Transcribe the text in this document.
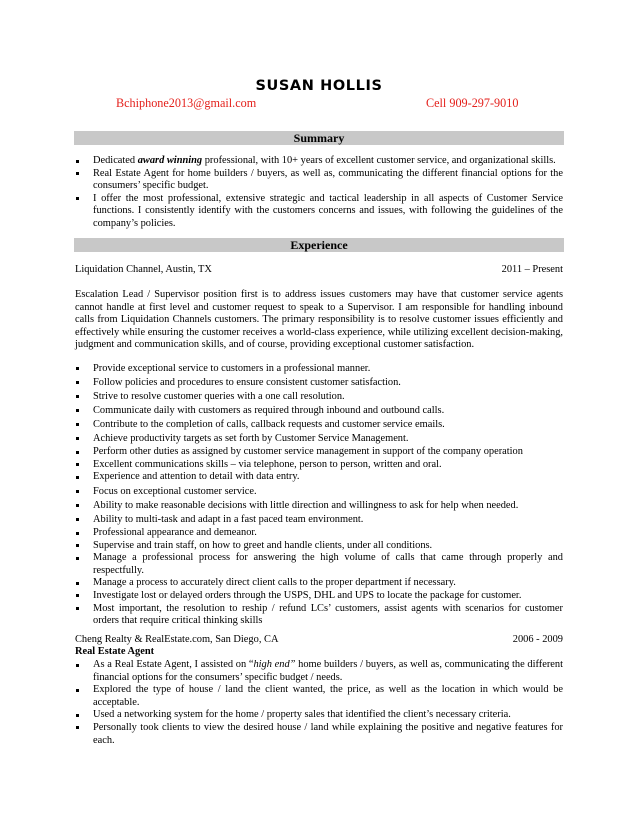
SUSAN HOLLIS
Bchiphone2013@gmail.com	Cell 909-297-9010
Summary
Dedicated award winning professional, with 10+ years of excellent customer service, and organizational skills.
Real Estate Agent for home builders / buyers, as well as, communicating the different financial options for the consumers’ specific budget.
I offer the most professional, extensive strategic and tactical leadership in all aspects of Customer Service functions. I consistently identify with the customers concerns and issues, with following the guidelines of the company’s policies.
Experience
Liquidation Channel, Austin, TX	2011 – Present
Escalation Lead / Supervisor position first is to address issues customers may have that customer service agents cannot handle at first level and customer request to speak to a Supervisor. I am responsible for handling inbound calls from Liquidation Channels customers. The primary responsibility is to resolve customer issues efficiently and effectively while ensuring the customer receives a world-class experience, while utilizing excellent decision-making, judgment and communication skills, and of course, providing exceptional customer satisfaction.
Provide exceptional service to customers in a professional manner.
Follow policies and procedures to ensure consistent customer satisfaction.
Strive to resolve customer queries with a one call resolution.
Communicate daily with customers as required through inbound and outbound calls.
Contribute to the completion of calls, callback requests and customer service emails.
Achieve productivity targets as set forth by Customer Service Management.
Perform other duties as assigned by customer service management in support of the company operation
Excellent communications skills – via telephone, person to person, written and oral.
Experience and attention to detail with data entry.
Focus on exceptional customer service.
Ability to make reasonable decisions with little direction and willingness to ask for help when needed.
Ability to multi-task and adapt in a fast paced team environment.
Professional appearance and demeanor.
Supervise and train staff, on how to greet and handle clients, under all conditions.
Manage a professional process for answering the high volume of calls that came through properly and respectfully.
Manage a process to accurately direct client calls to the proper department if necessary.
Investigate lost or delayed orders through the USPS, DHL and UPS to locate the package for customer.
Most important, the resolution to reship / refund LCs’ customers, assist agents with scenarios for customer orders that require critical thinking skills
Cheng Realty & RealEstate.com, San Diego, CA	2006 - 2009
Real Estate Agent
As a Real Estate Agent, I assisted on “high end” home builders / buyers, as well as, communicating the different financial options for the consumers’ specific budget / needs.
Explored the type of house / land the client wanted, the price, as well as the location in which would be acceptable.
Used a networking system for the home / property sales that identified the client’s necessary criteria.
Personally took clients to view the desired house / land while explaining the positive and negative features for each.
